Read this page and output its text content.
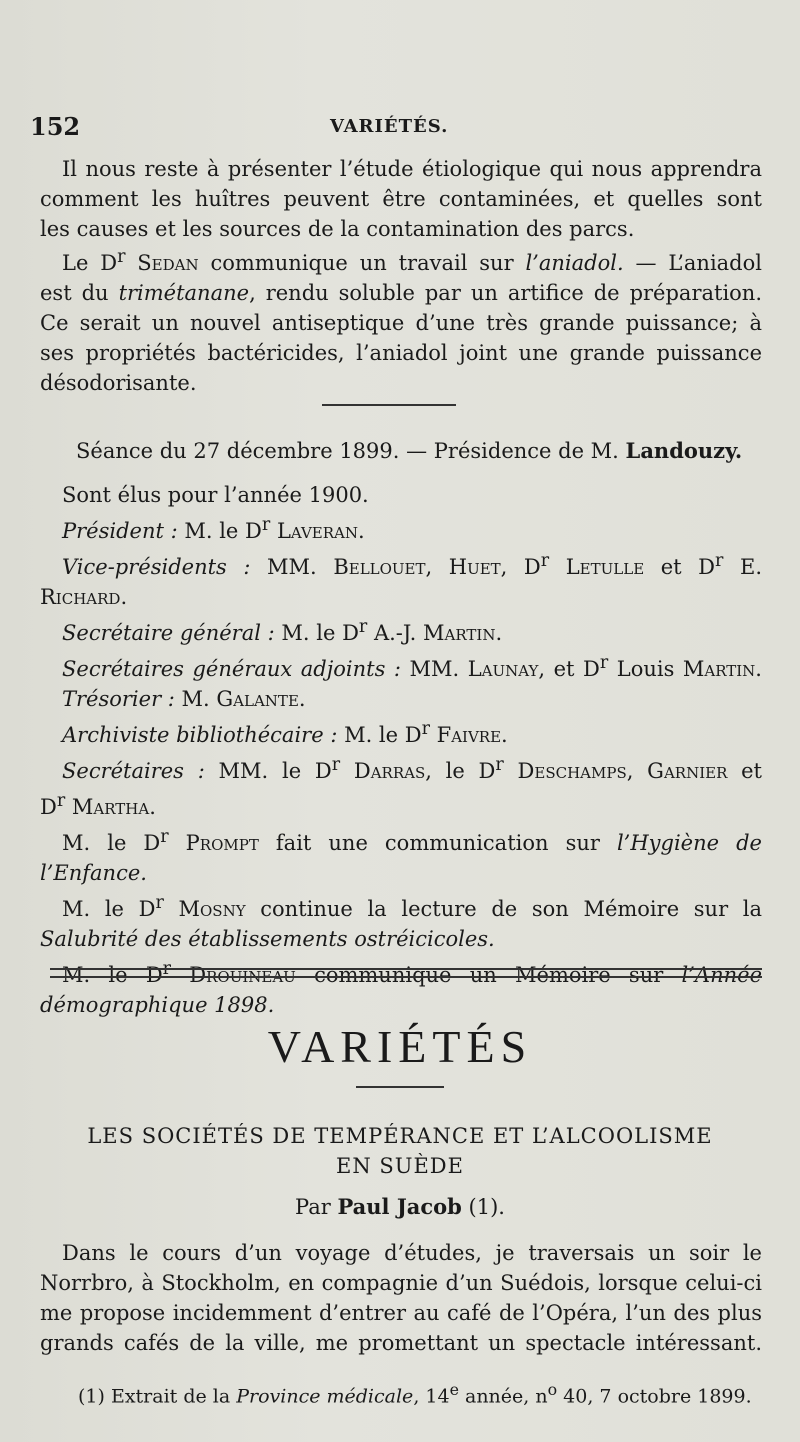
152	VARIÉTÉS.
Il nous reste à présenter l’étude étiologique qui nous apprendra
comment les huîtres peuvent être contaminées, et quelles sont
les causes et les sources de la contamination des parcs.
Le $D^r$ Sedan communique un travail sur l’aniadol. — L’aniadol
est du trimétanane, rendu soluble par un artifice de préparation.
Ce serait un nouvel antiseptique d’une très grande puissance; à
ses propriétés bactéricides, l’aniadol joint une grande puissance
désodorisante.
Séance du 27 décembre 1899. — Présidence de M. Landouzy.
Sont élus pour l’année 1900.
Président : M. le $D^r$ Laveran.
Vice-présidents : MM. Bellouet, Huet, $D^r$ Letulle et $D^r$ E.
Richard.
Secrétaire général : M. le $D^r$ A.-J. Martin.
Secrétaires généraux adjoints : MM. Launay, et $D^r$ Louis Martin.
Trésorier : M. Galante.
Archiviste bibliothécaire : M. le $D^r$ Faivre.
Secrétaires : MM. le $D^r$ Darras, le $D^r$ Deschamps, Garnier et
$D^r$ Martha.
M. le $D^r$ Prompt fait une communication sur l’Hygiène de
l’Enfance.
M. le $D^r$ Mosny continue la lecture de son Mémoire sur la
Salubrité des établissements ostréicicoles.
M. le $D^r$ Drouineau communique un Mémoire sur l’Année
démographique 1898.
VARIÉTÉS
LES SOCIÉTÉS DE TEMPÉRANCE ET L’ALCOOLISME
EN SUÈDE
Par Paul Jacob (1).
Dans le cours d’un voyage d’études, je traversais un soir le
Norrbro, à Stockholm, en compagnie d’un Suédois, lorsque celui-ci
me propose incidemment d’entrer au café de l’Opéra, l’un des plus
grands cafés de la ville, me promettant un spectacle intéressant.
(1) Extrait de la Province médicale, 14e année, $n^o$ 40, 7 octobre 1899.
